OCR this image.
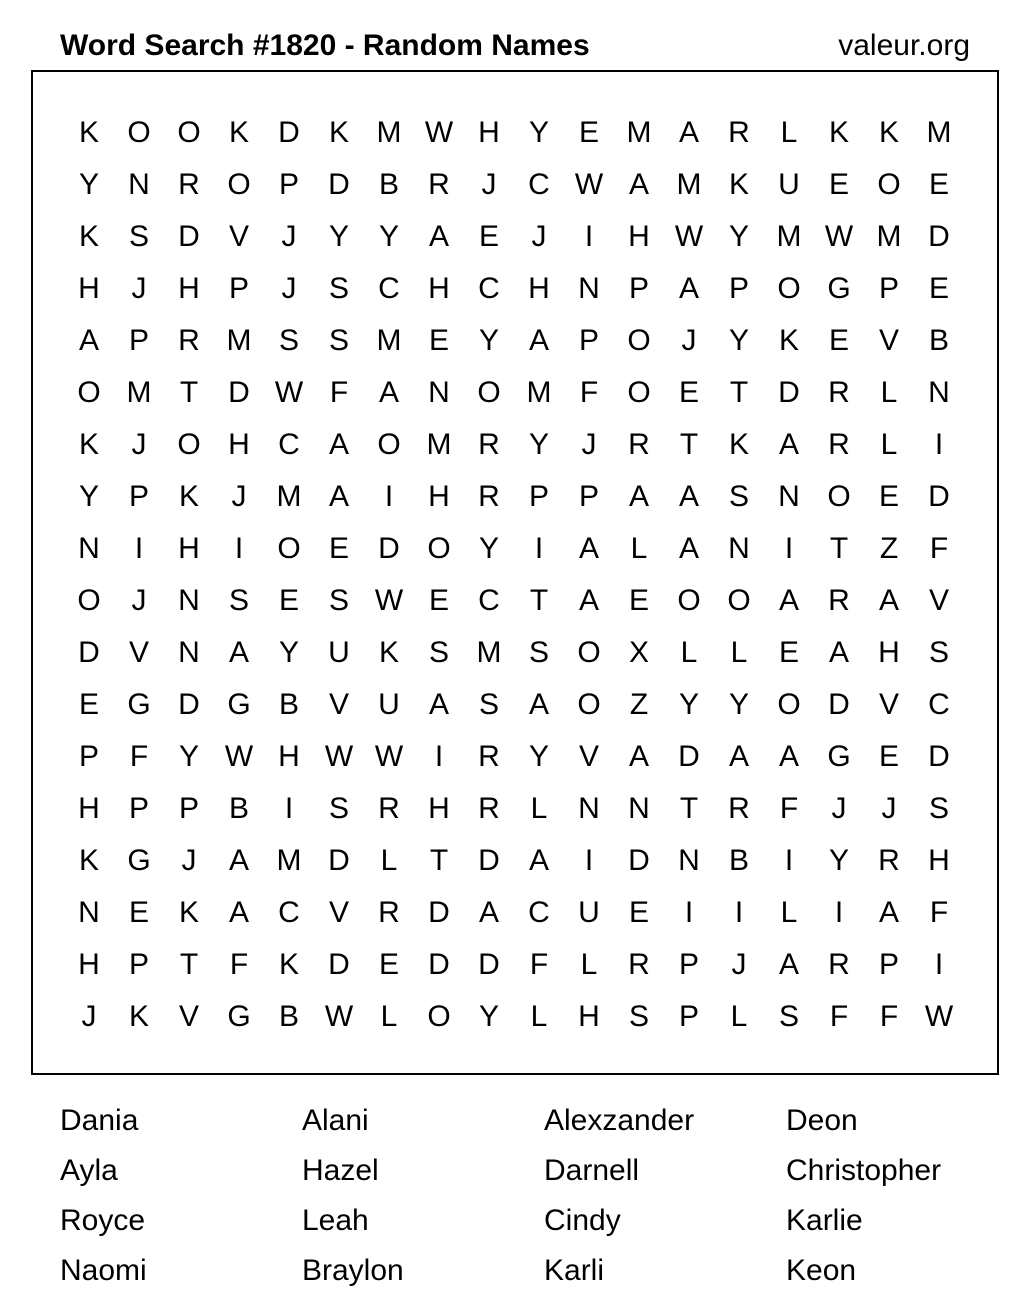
Word Search #1820 - Random Names	valeur.org
K O O K D K M W H Y E M A R	L	K K M
Y N R O P D B R	J	C W A M K U E O E
K S D V	J	Y Y A E	J	I	H W Y M W M D
H	J	H P	J	S C H C H N P A P O G P E
A P R M S S M E Y A P O	J	Y K E V B
O M T	D W F	A N O M F O E	T	D R	L	N
K	J	O H C A O M R Y	J	R	T	K A R	L	I
Y P K	J	M A	I	H R P P A A S N O E D
N	I	H	I	O E D O Y	I	A	L	A N	I	T	Z	F
O	J	N S E S W E C	T	A E O O A R A V
D V N A Y U K S M S O X	L	L	E A H S
E G D G B V U A S A O Z	Y Y O D V C
P	F	Y W H W W	I	R Y V A D A A G E D
H P P B	I	S R H R	L	N N	T	R	F	J	J	S
K G	J	A M D	L	T	D A	I	D N B	I	Y R H
N E K A C V R D A C U E	I	I	L	I	A	F
H P	T	F	K D E D D	F	L	R P	J	A R P	I
J	K V G B W L O Y	L	H S P	L	S	F	F W
Dania	Alani	Alexzander	Deon
Ayla	Hazel	Darnell	Christopher
Royce	Leah	Cindy	Karlie
Naomi	Braylon	Karli	Keon
